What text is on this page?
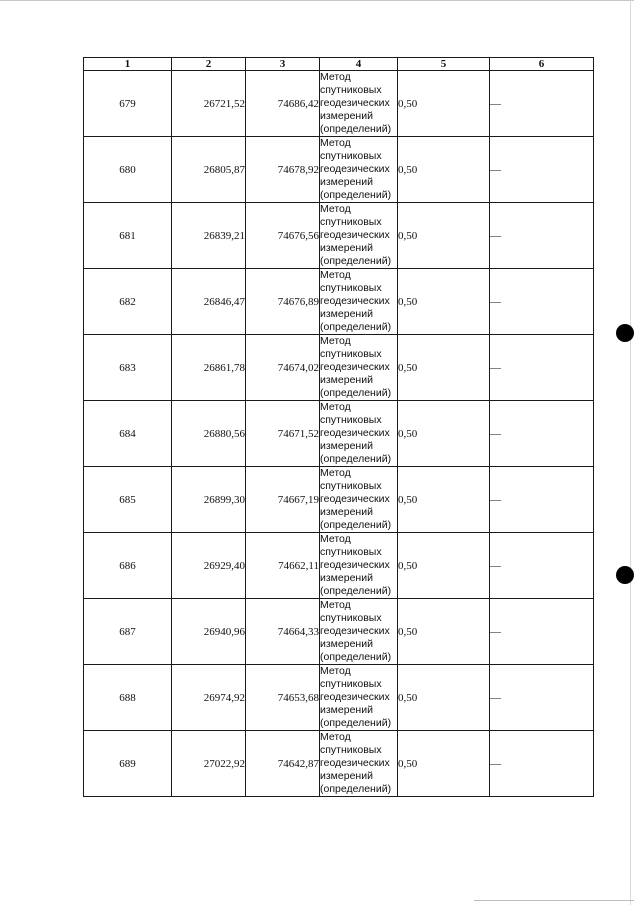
1	2	3	4	5	6
679	26721,52	74686,42	Метод
спутниковых
геодезических
измерений
(определений)	0,50	—
680	26805,87	74678,92	Метод
спутниковых
геодезических
измерений
(определений)	0,50	—
681	26839,21	74676,56	Метод
спутниковых
геодезических
измерений
(определений)	0,50	—
682	26846,47	74676,89	Метод
спутниковых
геодезических
измерений
(определений)	0,50	—
683	26861,78	74674,02	Метод
спутниковых
геодезических
измерений
(определений)	0,50	—
684	26880,56	74671,52	Метод
спутниковых
геодезических
измерений
(определений)	0,50	—
685	26899,30	74667,19	Метод
спутниковых
геодезических
измерений
(определений)	0,50	—
686	26929,40	74662,11	Метод
спутниковых
геодезических
измерений
(определений)	0,50	—
687	26940,96	74664,33	Метод
спутниковых
геодезических
измерений
(определений)	0,50	—
688	26974,92	74653,68	Метод
спутниковых
геодезических
измерений
(определений)	0,50	—
689	27022,92	74642,87	Метод
спутниковых
геодезических
измерений
(определений)	0,50	—
